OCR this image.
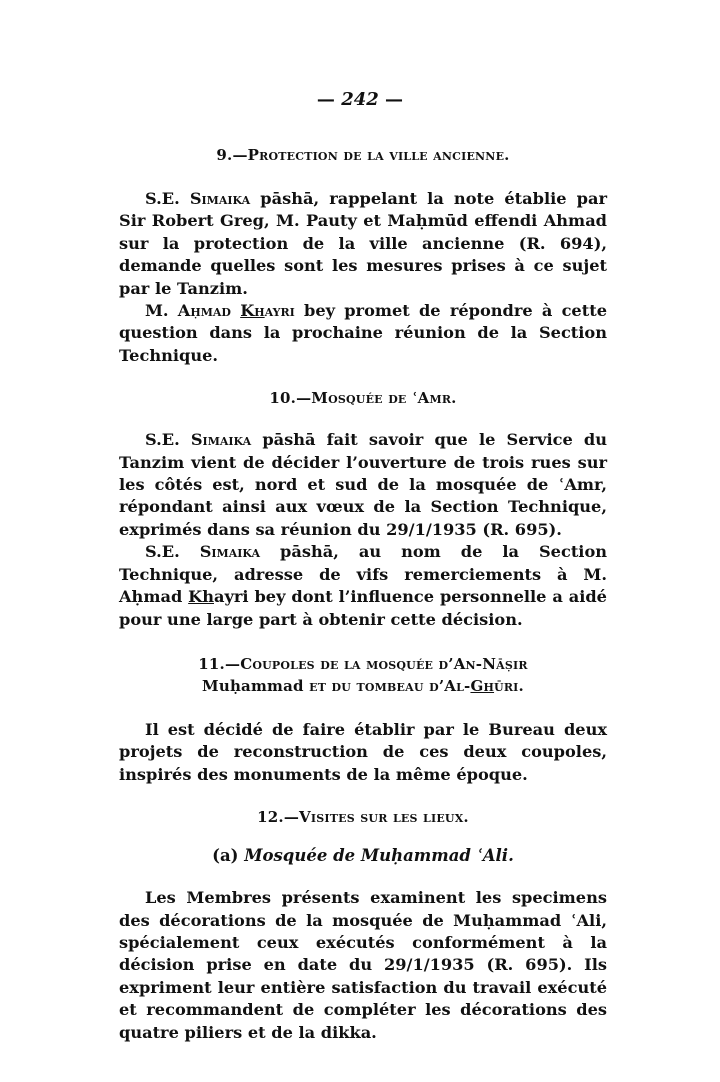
— 242 —
9.—Protection de la ville ancienne.

S.E. Simaika pāshā, rappelant la note établie par Sir Robert Greg, M. Pauty et Maḥmūd effendi Ahmad sur la protection de la ville ancienne (R. 694), demande quelles sont les mesures prises à ce sujet par le Tanzim.

M. Aḥmad Khayri bey promet de répondre à cette question dans la prochaine réunion de la Section Technique.

10.—Mosquée de ʿAmr.

S.E. Simaika pāshā fait savoir que le Service du Tanzim vient de décider l’ouverture de trois rues sur les côtés est, nord et sud de la mosquée de ʿAmr, répondant ainsi aux vœux de la Section Technique, exprimés dans sa réunion du 29/1/1935 (R. 695).

S.E. Simaika pāshā, au nom de la Section Technique, adresse de vifs remerciements à M. Aḥmad Khayri bey dont l’influence personnelle a aidé pour une large part à obtenir cette décision.

11.—Coupoles de la mosquée d’An-Nāṣir
Muḥammad et du tombeau d’Al-Ghūri.

Il est décidé de faire établir par le Bureau deux projets de reconstruction de ces deux coupoles, inspirés des monuments de la même époque.

12.—Visites sur les lieux.
(a) Mosquée de Muḥammad ʿAli.

Les Membres présents examinent les specimens des décorations de la mosquée de Muḥammad ʿAli, spécialement ceux exécutés conformément à la décision prise en date du 29/1/1935 (R. 695). Ils expriment leur entière satisfaction du travail exécuté et recommandent de compléter les décorations des quatre piliers et de la dikka.
